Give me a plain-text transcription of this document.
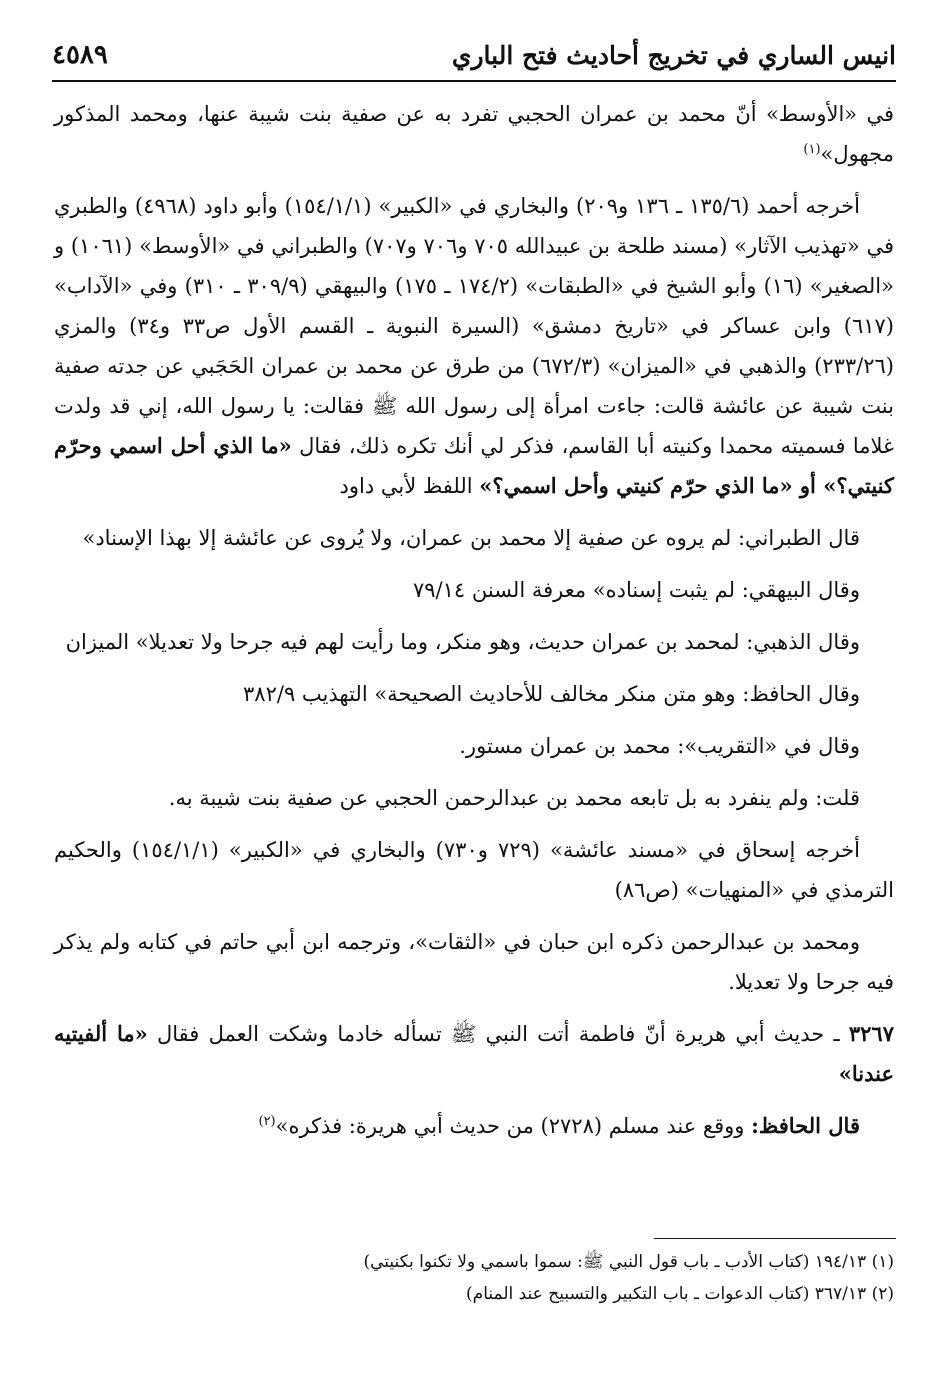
انيس الساري في تخريج أحاديث فتح الباري
٤٥٨٩

في «الأوسط» أنّ محمد بن عمران الحجبي تفرد به عن صفية بنت شيبة عنها، ومحمد المذكور مجهول»$^{(١)}$

أخرجه أحمد (١٣٥/٦ ـ ١٣٦ و٢٠٩) والبخاري في «الكبير» (١٥٤/١/١) وأبو داود (٤٩٦٨) والطبري في «تهذيب الآثار» (مسند طلحة بن عبيدالله ٧٠٥ و٧٠٦ و٧٠٧) والطبراني في «الأوسط» (١٠٦١) و «الصغير» (١٦) وأبو الشيخ في «الطبقات» (١٧٤/٢ ـ ١٧٥) والبيهقي (٣٠٩/٩ ـ ٣١٠) وفي «الآداب» (٦١٧) وابن عساكر في «تاريخ دمشق» (السيرة النبوية ـ القسم الأول ص٣٣ و٣٤) والمزي (٢٣٣/٢٦) والذهبي في «الميزان» (٦٧٢/٣) من طرق عن محمد بن عمران الحَجَبي عن جدته صفية بنت شيبة عن عائشة قالت: جاءت امرأة إلى رسول الله ﷺ فقالت: يا رسول الله، إني قد ولدت غلاما فسميته محمدا وكنيته أبا القاسم، فذكر لي أنك تكره ذلك، فقال «ما الذي أحل اسمي وحرّم كنيتي؟» أو «ما الذي حرّم كنيتي وأحل اسمي؟» اللفظ لأبي داود

قال الطبراني: لم يروه عن صفية إلا محمد بن عمران، ولا يُروى عن عائشة إلا بهذا الإسناد»

وقال البيهقي: لم يثبت إسناده» معرفة السنن ٧٩/١٤

وقال الذهبي: لمحمد بن عمران حديث، وهو منكر، وما رأيت لهم فيه جرحا ولا تعديلا» الميزان

وقال الحافظ: وهو متن منكر مخالف للأحاديث الصحيحة» التهذيب ٣٨٢/٩

وقال في «التقريب»: محمد بن عمران مستور.

قلت: ولم ينفرد به بل تابعه محمد بن عبدالرحمن الحجبي عن صفية بنت شيبة به.

أخرجه إسحاق في «مسند عائشة» (٧٢٩ و٧٣٠) والبخاري في «الكبير» (١٥٤/١/١) والحكيم الترمذي في «المنهيات» (ص٨٦)

ومحمد بن عبدالرحمن ذكره ابن حبان في «الثقات»، وترجمه ابن أبي حاتم في كتابه ولم يذكر فيه جرحا ولا تعديلا.

٣٢٦٧ ـ حديث أبي هريرة أنّ فاطمة أتت النبي ﷺ تسأله خادما وشكت العمل فقال «ما ألفيتيه عندنا»

قال الحافظ: ووقع عند مسلم (٢٧٢٨) من حديث أبي هريرة: فذكره»$^{(٢)}$

(١) ١٩٤/١٣ (كتاب الأدب ـ باب قول النبي ﷺ: سموا باسمي ولا تكنوا بكنيتي)

(٢) ٣٦٧/١٣ (كتاب الدعوات ـ باب التكبير والتسبيح عند المنام)
